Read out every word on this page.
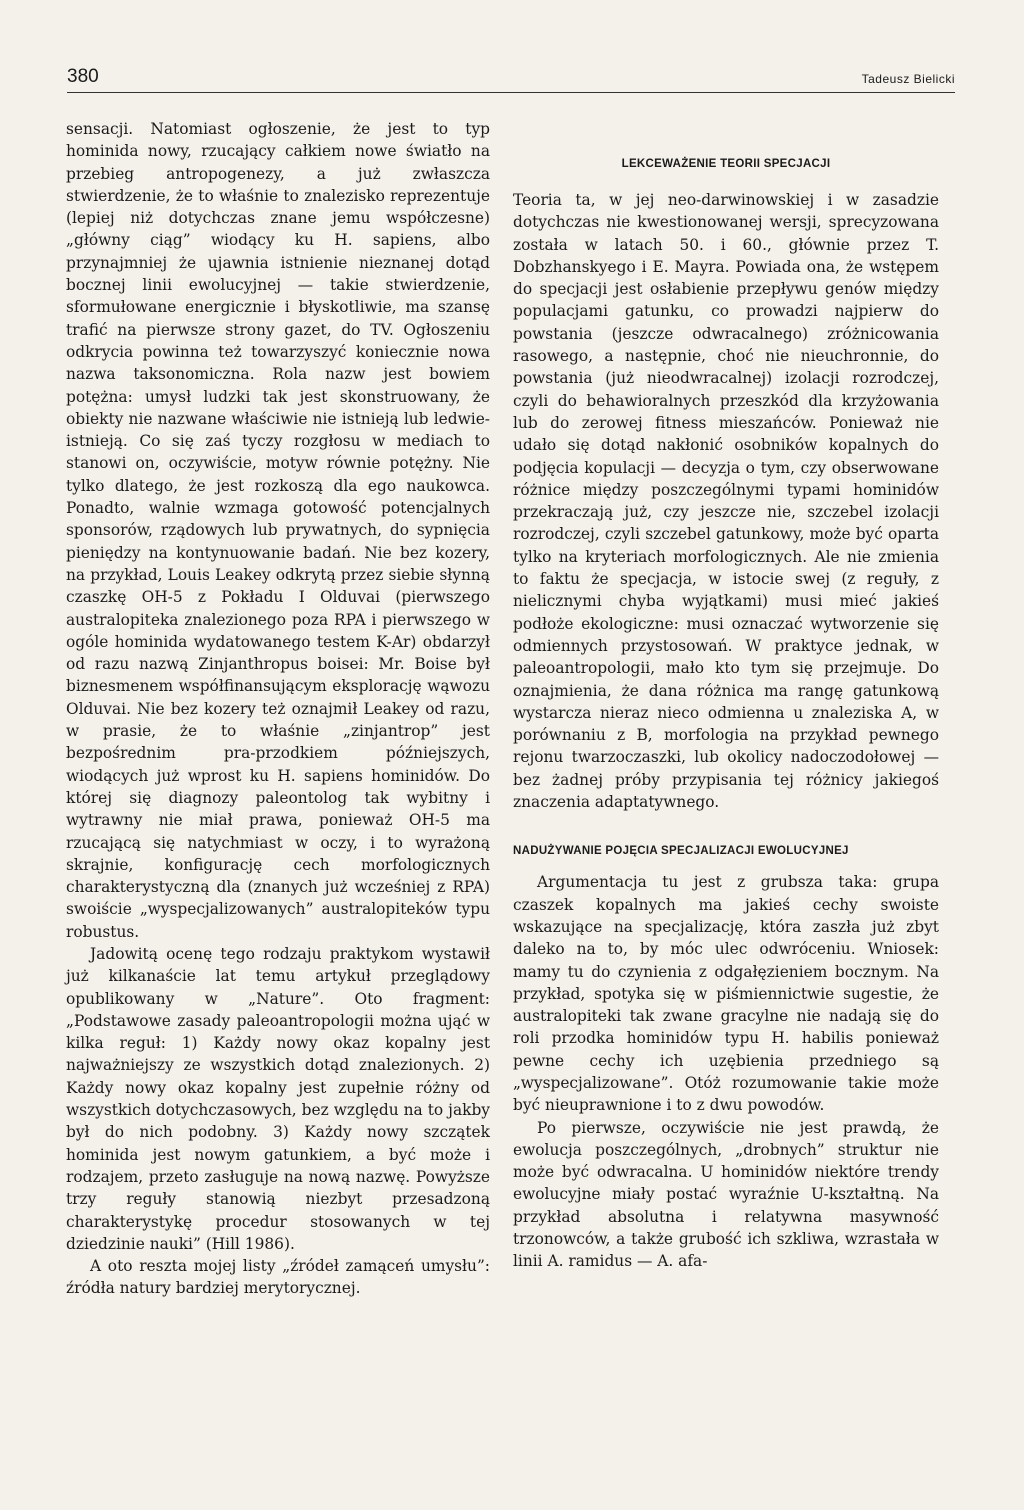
380	Tadeusz Bielicki

sensacji. Natomiast ogłoszenie, że jest to typ hominida nowy, rzucający całkiem nowe światło na przebieg antropogenezy, a już zwłaszcza stwierdzenie, że to właśnie to znalezisko reprezentuje (lepiej niż dotychczas znane jemu współczesne) „główny ciąg” wiodący ku H. sapiens, albo przynajmniej że ujawnia istnienie nieznanej dotąd bocznej linii ewolucyjnej — takie stwierdzenie, sformułowane energicznie i błyskotliwie, ma szansę trafić na pierwsze strony gazet, do TV. Ogłoszeniu odkrycia powinna też towarzyszyć koniecznie nowa nazwa taksonomiczna. Rola nazw jest bowiem potężna: umysł ludzki tak jest skonstruowany, że obiekty nie nazwane właściwie nie istnieją lub ledwie-istnieją. Co się zaś tyczy rozgłosu w mediach to stanowi on, oczywiście, motyw równie potężny. Nie tylko dlatego, że jest rozkoszą dla ego naukowca. Ponadto, walnie wzmaga gotowość potencjalnych sponsorów, rządowych lub prywatnych, do sypnięcia pieniędzy na kontynuowanie badań. Nie bez kozery, na przykład, Louis Leakey odkrytą przez siebie słynną czaszkę OH-5 z Pokładu I Olduvai (pierwszego australopiteka znalezionego poza RPA i pierwszego w ogóle hominida wydatowanego testem K-Ar) obdarzył od razu nazwą Zinjanthropus boisei: Mr. Boise był biznesmenem współfinansującym eksplorację wąwozu Olduvai. Nie bez kozery też oznajmił Leakey od razu, w prasie, że to właśnie „zinjantrop” jest bezpośrednim pra-przodkiem późniejszych, wiodących już wprost ku H. sapiens hominidów. Do której się diagnozy paleontolog tak wybitny i wytrawny nie miał prawa, ponieważ OH-5 ma rzucającą się natychmiast w oczy, i to wyrażoną skrajnie, konfigurację cech morfologicznych charakterystyczną dla (znanych już wcześniej z RPA) swoiście „wyspecjalizowanych” australopiteków typu robustus.

Jadowitą ocenę tego rodzaju praktykom wystawił już kilkanaście lat temu artykuł przeglądowy opublikowany w „Nature”. Oto fragment: „Podstawowe zasady paleoantropologii można ująć w kilka reguł: 1) Każdy nowy okaz kopalny jest najważniejszy ze wszystkich dotąd znalezionych. 2) Każdy nowy okaz kopalny jest zupełnie różny od wszystkich dotychczasowych, bez względu na to jakby był do nich podobny. 3) Każdy nowy szczątek hominida jest nowym gatunkiem, a być może i rodzajem, przeto zasługuje na nową nazwę. Powyższe trzy reguły stanowią niezbyt przesadzoną charakterystykę procedur stosowanych w tej dziedzinie nauki” (Hill 1986).

A oto reszta mojej listy „źródeł zamąceń umysłu”: źródła natury bardziej merytorycznej.

LEKCEWAŻENIE TEORII SPECJACJI

Teoria ta, w jej neo-darwinowskiej i w zasadzie dotychczas nie kwestionowanej wersji, sprecyzowana została w latach 50. i 60., głównie przez T. Dobzhanskyego i E. Mayra. Powiada ona, że wstępem do specjacji jest osłabienie przepływu genów między populacjami gatunku, co prowadzi najpierw do powstania (jeszcze odwracalnego) zróżnicowania rasowego, a następnie, choć nie nieuchronnie, do powstania (już nieodwracalnej) izolacji rozrodczej, czyli do behawioralnych przeszkód dla krzyżowania lub do zerowej fitness mieszańców. Ponieważ nie udało się dotąd nakłonić osobników kopalnych do podjęcia kopulacji — decyzja o tym, czy obserwowane różnice między poszczególnymi typami hominidów przekraczają już, czy jeszcze nie, szczebel izolacji rozrodczej, czyli szczebel gatunkowy, może być oparta tylko na kryteriach morfologicznych. Ale nie zmienia to faktu że specjacja, w istocie swej (z reguły, z nielicznymi chyba wyjątkami) musi mieć jakieś podłoże ekologiczne: musi oznaczać wytworzenie się odmiennych przystosowań. W praktyce jednak, w paleoantropologii, mało kto tym się przejmuje. Do oznajmienia, że dana różnica ma rangę gatunkową wystarcza nieraz nieco odmienna u znaleziska A, w porównaniu z B, morfologia na przykład pewnego rejonu twarzoczaszki, lub okolicy nadoczodołowej — bez żadnej próby przypisania tej różnicy jakiegoś znaczenia adaptatywnego.

NADUŻYWANIE POJĘCIA SPECJALIZACJI EWOLUCYJNEJ

Argumentacja tu jest z grubsza taka: grupa czaszek kopalnych ma jakieś cechy swoiste wskazujące na specjalizację, która zaszła już zbyt daleko na to, by móc ulec odwróceniu. Wniosek: mamy tu do czynienia z odgałęzieniem bocznym. Na przykład, spotyka się w piśmiennictwie sugestie, że australopiteki tak zwane gracylne nie nadają się do roli przodka hominidów typu H. habilis ponieważ pewne cechy ich uzębienia przedniego są „wyspecjalizowane”. Otóż rozumowanie takie może być nieuprawnione i to z dwu powodów.

Po pierwsze, oczywiście nie jest prawdą, że ewolucja poszczególnych, „drobnych” struktur nie może być odwracalna. U hominidów niektóre trendy ewolucyjne miały postać wyraźnie U-kształtną. Na przykład absolutna i relatywna masywność trzonowców, a także grubość ich szkliwa, wzrastała w linii A. ramidus — A. afa-
